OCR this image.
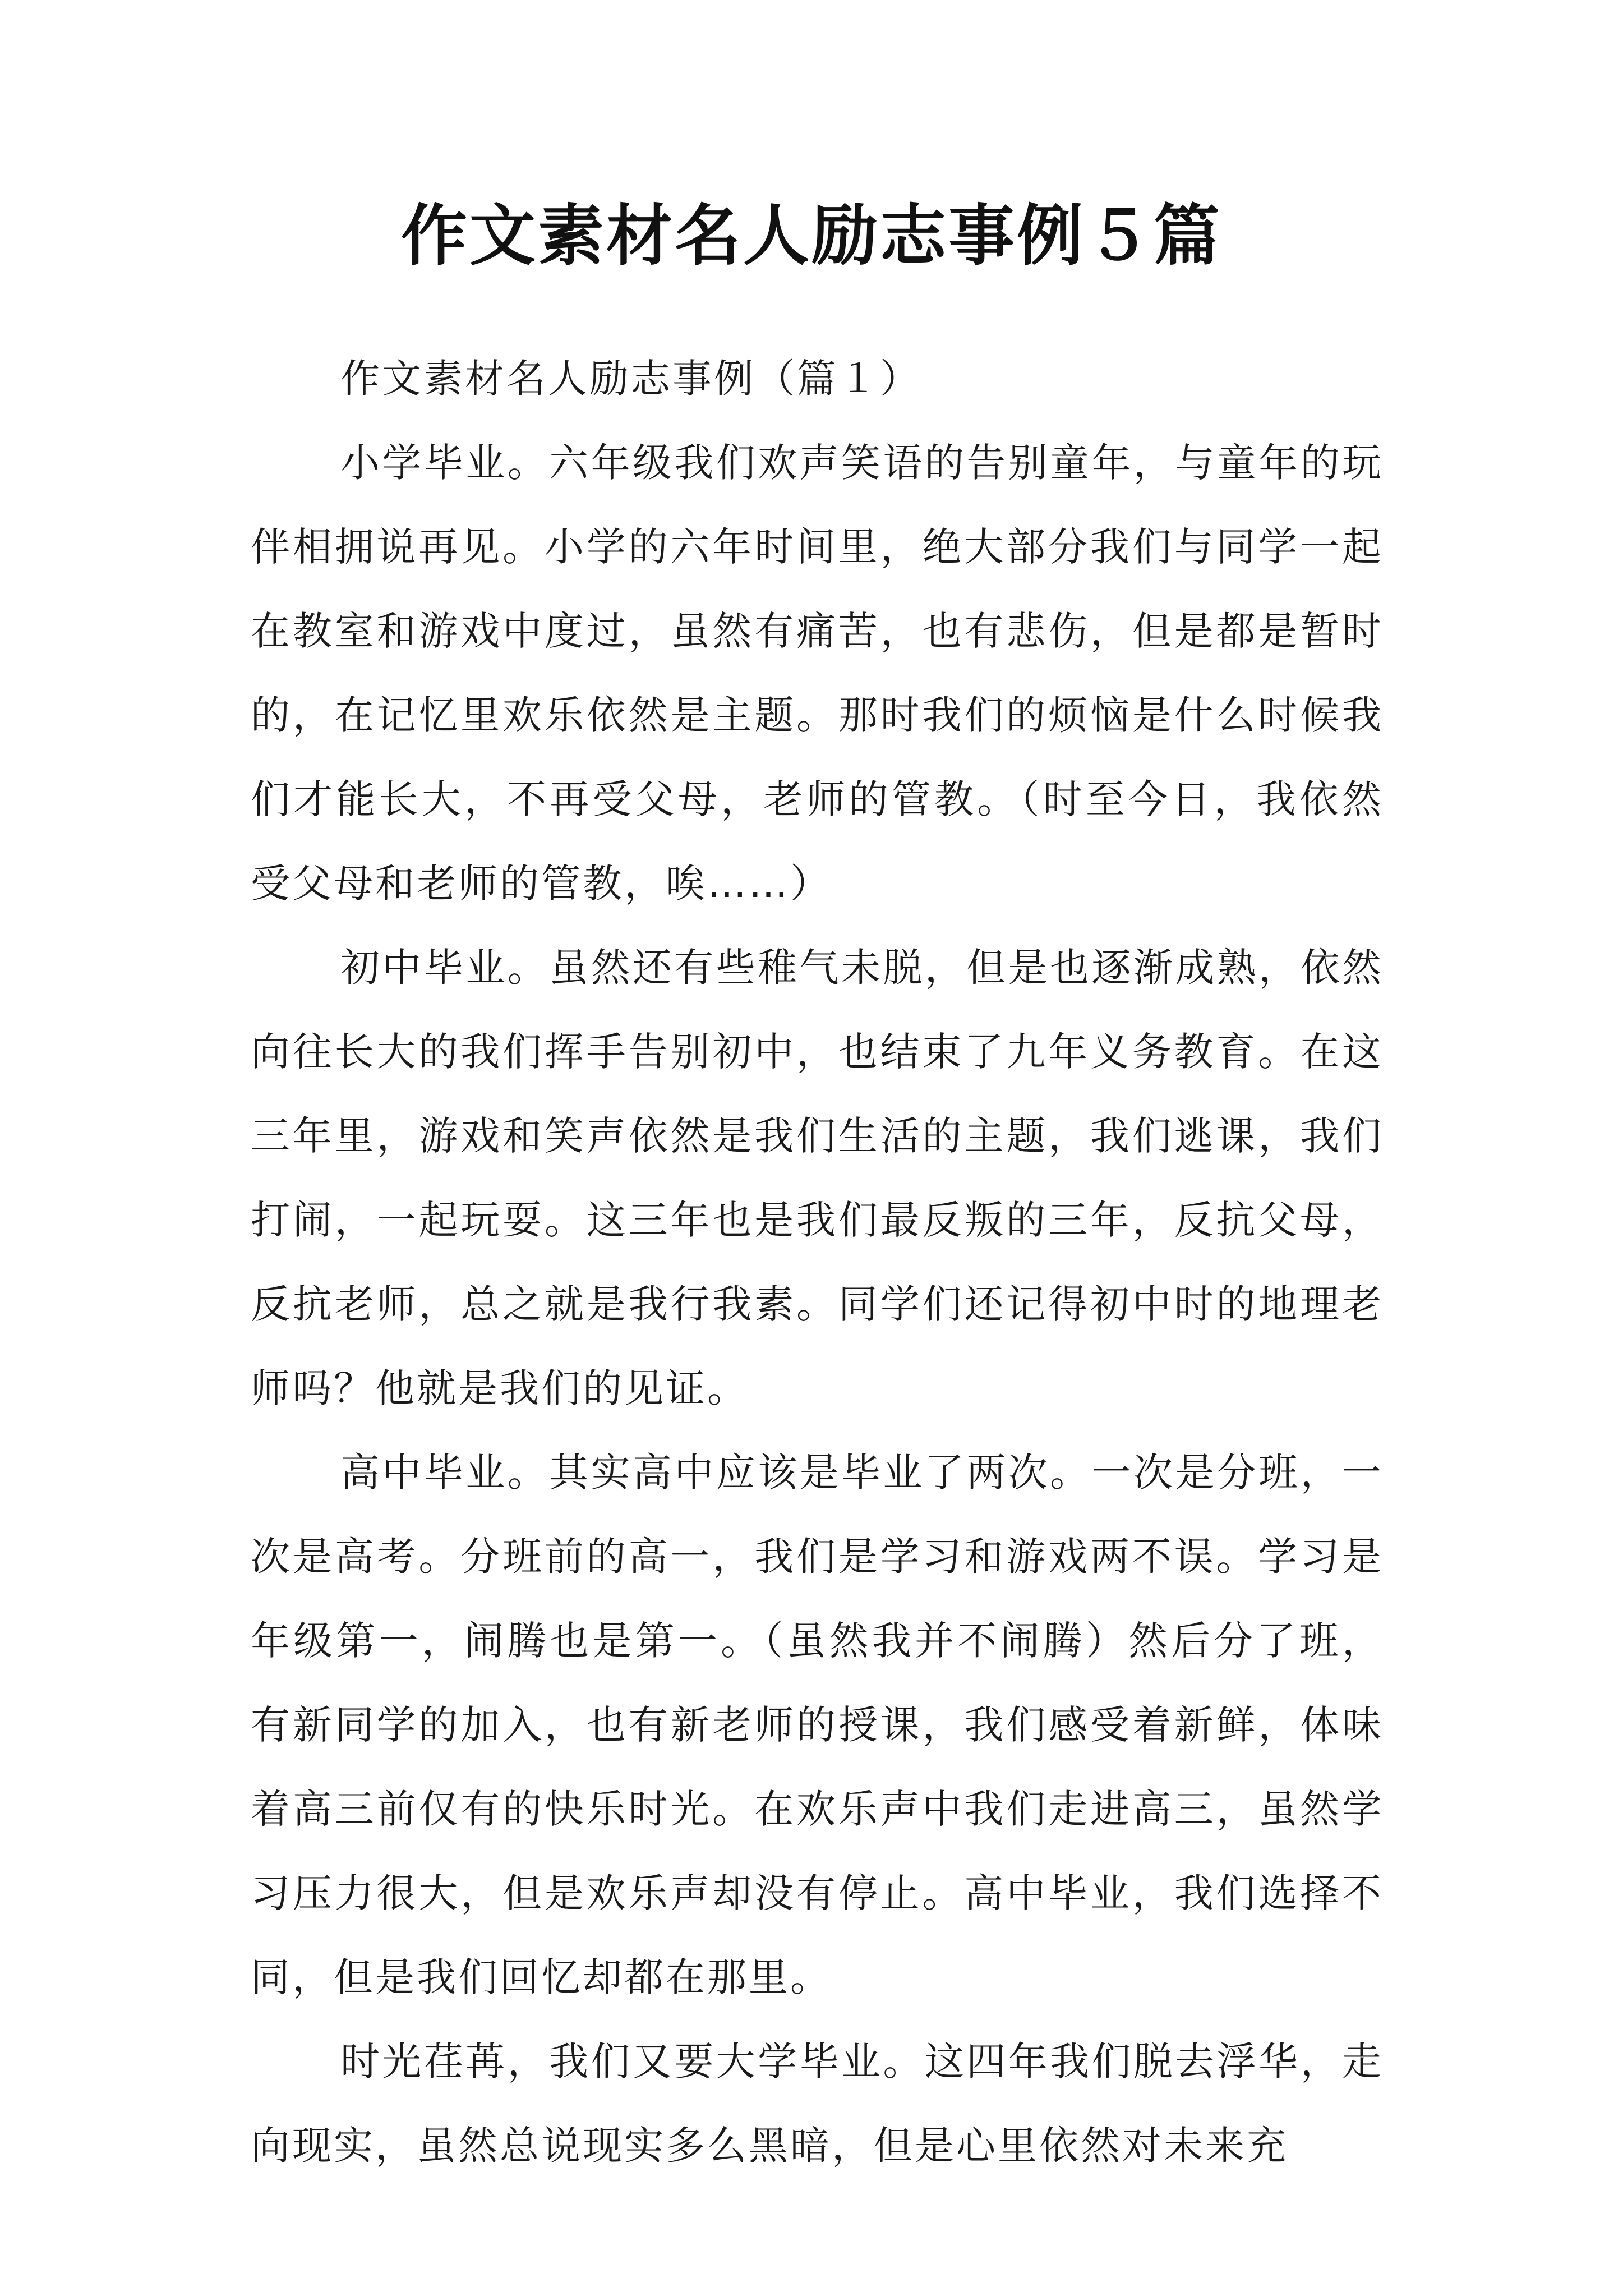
作文素材名人励志事例５篇

作文素材名人励志事例（篇１）

小学毕业。六年级我们欢声笑语的告别童年，与童年的玩伴相拥说再见。小学的六年时间里，绝大部分我们与同学一起在教室和游戏中度过，虽然有痛苦，也有悲伤，但是都是暂时的，在记忆里欢乐依然是主题。那时我们的烦恼是什么时候我们才能长大，不再受父母，老师的管教。（时至今日，我依然受父母和老师的管教，唉……）

初中毕业。虽然还有些稚气未脱，但是也逐渐成熟，依然向往长大的我们挥手告别初中，也结束了九年义务教育。在这三年里，游戏和笑声依然是我们生活的主题，我们逃课，我们打闹，一起玩耍。这三年也是我们最反叛的三年，反抗父母，反抗老师，总之就是我行我素。同学们还记得初中时的地理老师吗？他就是我们的见证。

高中毕业。其实高中应该是毕业了两次。一次是分班，一次是高考。分班前的高一，我们是学习和游戏两不误。学习是年级第一，闹腾也是第一。（虽然我并不闹腾）然后分了班，有新同学的加入，也有新老师的授课，我们感受着新鲜，体味着高三前仅有的快乐时光。在欢乐声中我们走进高三，虽然学习压力很大，但是欢乐声却没有停止。高中毕业，我们选择不同，但是我们回忆却都在那里。

时光荏苒，我们又要大学毕业。这四年我们脱去浮华，走向现实，虽然总说现实多么黑暗，但是心里依然对未来充
